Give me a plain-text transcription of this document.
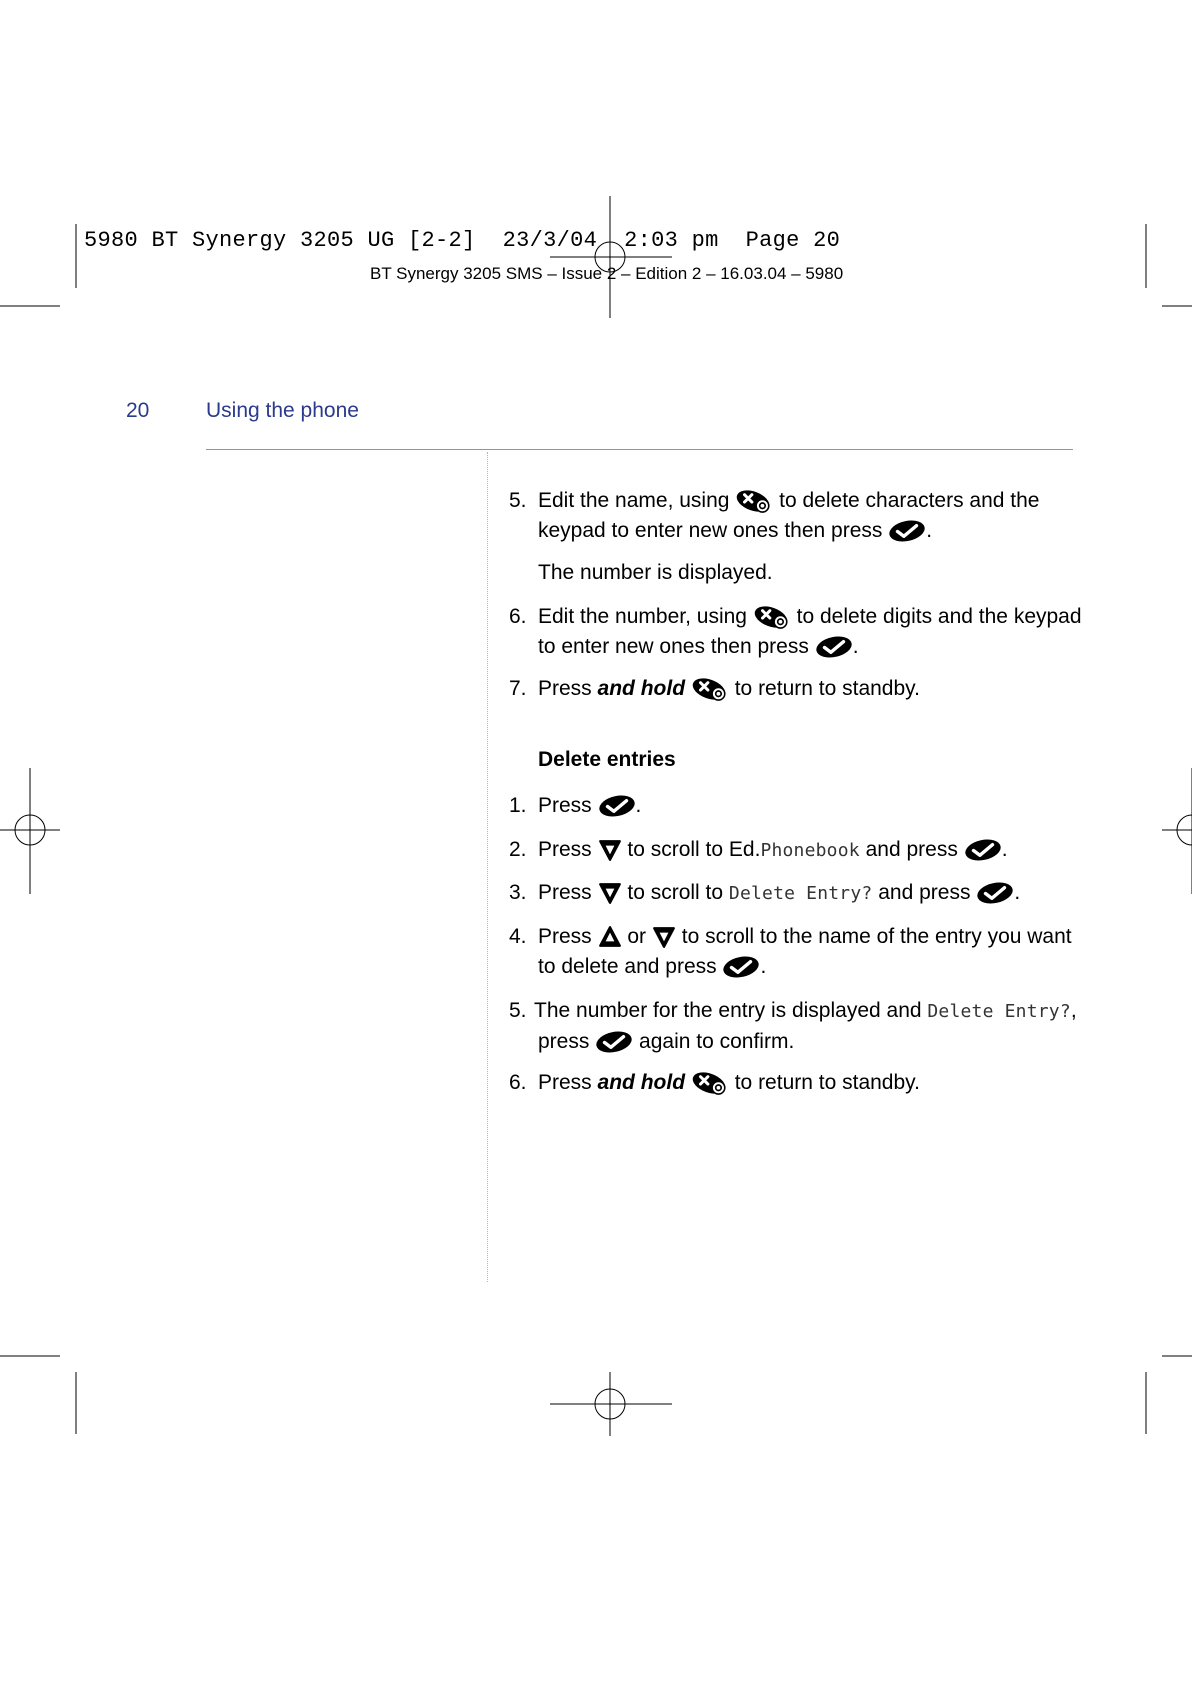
5980 BT Synergy 3205 UG [2-2]  23/3/04  2:03 pm  Page 20
BT Synergy 3205 SMS – Issue 2 – Edition 2 – 16.03.04 – 5980
20	Using the phone
5. Edit the name, using to delete characters and the keypad to enter new ones then press .
The number is displayed.
6. Edit the number, using to delete digits and the keypad to enter new ones then press .
7. Press and hold to return to standby.
Delete entries
1. Press .
2. Press to scroll to Ed.Phonebook and press .
3. Press to scroll to Delete Entry? and press .
4. Press or to scroll to the name of the entry you want to delete and press .
5. The number for the entry is displayed and Delete Entry?,
press again to confirm.
6. Press and hold to return to standby.
